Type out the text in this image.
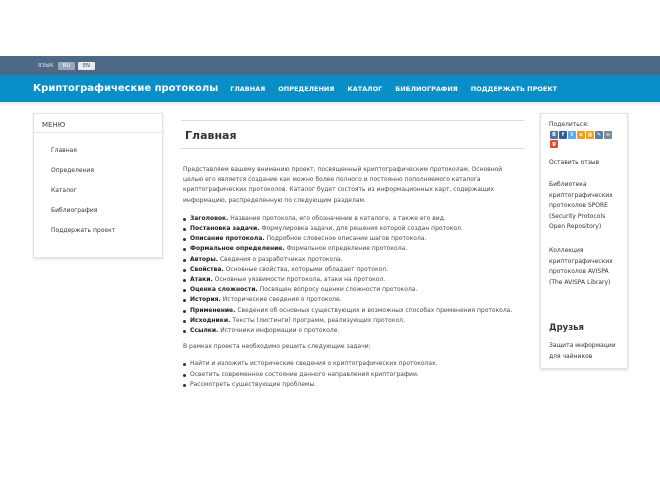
ЯЗЫК	RU	EN
Криптографические протоколы ГЛАВНАЯ ОПРЕДЕЛЕНИЯ КАТАЛОГ БИБЛИОГРАФИЯ ПОДДЕРЖАТЬ ПРОЕКТ
МЕНЮ
Главная
Определения
Каталог
Библиография
Поддержать проект
Главная

Представляем вашему вниманию проект, посвященный криптографическим протоколам. Основной целью его является создание как можно более полного и постоянно пополняемого каталога криптографических протоколов. Каталог будет состоять из информационных карт, содержащих информацию, распределенную по следующим разделам.

Заголовок. Название протокола, его обозначение в каталоге, а также его вид.
Постановка задачи. Формулировка задачи, для решения которой создан протокол.
Описание протокола. Подробное словесное описание шагов протокола.
Формальное определение. Формальное определение протокола.
Авторы. Сведения о разработчиках протокола.
Свойства. Основные свойства, которыми обладает протокол.
Атаки. Основные уязвимости протокола, атаки на протокол.
Оценка сложности. Посвящен вопросу оценки сложности протокола.
История. Исторические сведения о протоколе.
Применение. Сведения об основных существующих и возможных способах применения протокола.
Исходники. Тексты (листинги) программ, реализующих протокол.
Ссылки. Источники информации о протоколе.

В рамках проекта необходимо решить следующие задачи:

Найти и изложить исторические сведения о криптографических протоколах.
Осветить современное состояние данного направления криптографии.
Рассмотреть существующие проблемы.
Поделиться:
В	f	t	о @ ✎ ∞
g
Оставить отзыв
Библиотека криптографических протоколов SPORE (Security Protocols Open Repository)
Коллекция криптографических протоколов AVISPA (The AVISPA Library)
Друзья
Защита информации для чайников
